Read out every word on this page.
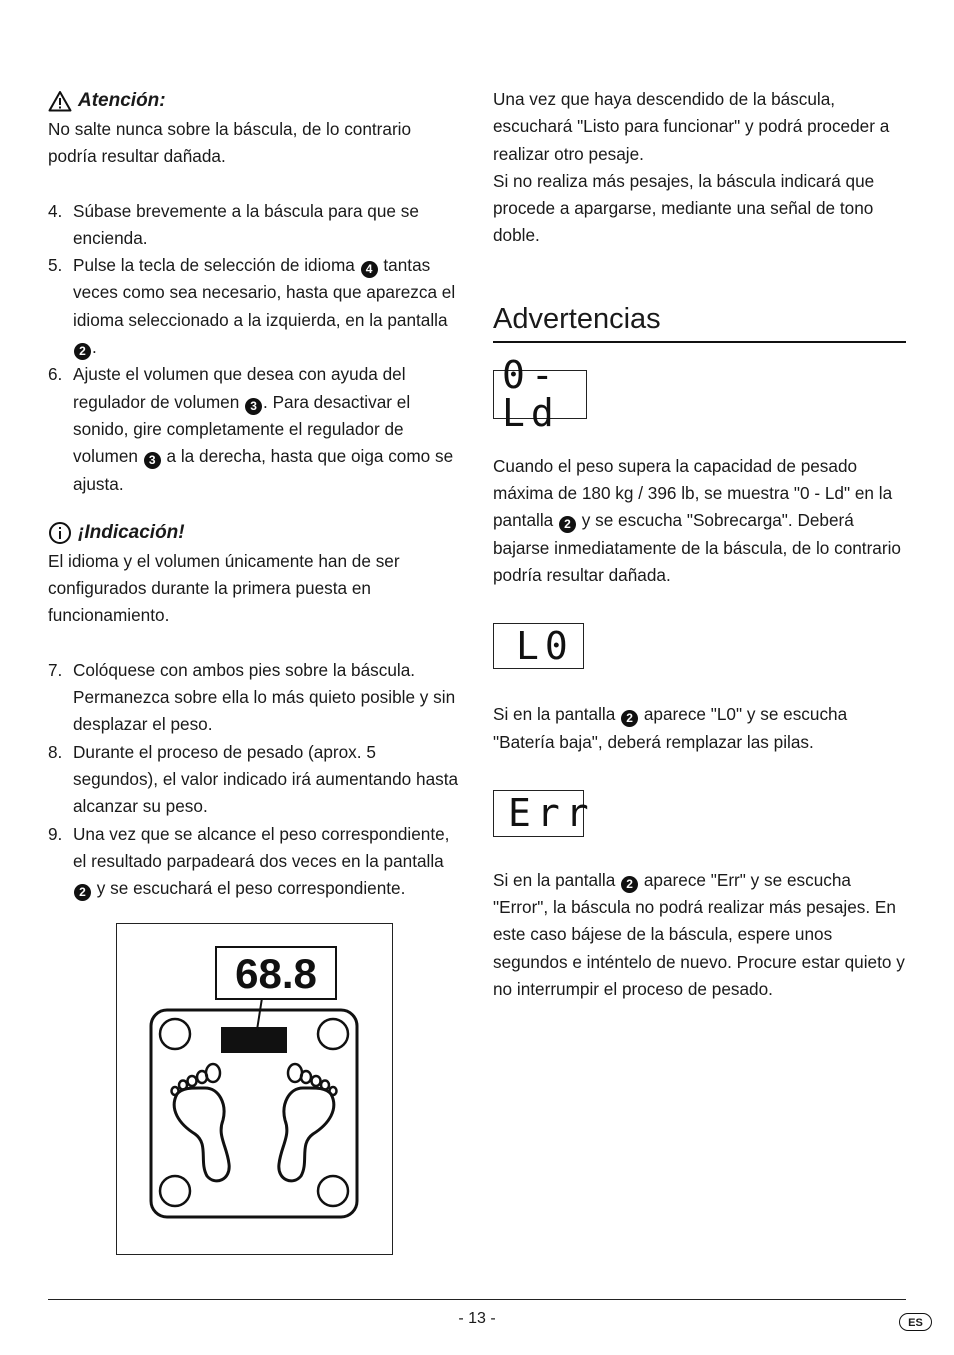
Atención:

No salte nunca sobre la báscula, de lo contrario podría resultar dañada.

4. Súbase brevemente a la báscula para que se encienda.
5. Pulse la tecla de selección de idioma 4 tantas veces como sea necesario, hasta que aparezca el idioma seleccionado a la izquierda, en la pantalla 2 .
6. Ajuste el volumen que desea con ayuda del regulador de volumen 3 . Para desactivar el sonido, gire completamente el regulador de volumen 3 a la derecha, hasta que oiga como se ajusta.

¡Indicación!

El idioma y el volumen únicamente han de ser configurados durante la primera puesta en funcionamiento.

7. Colóquese con ambos pies sobre la báscula. Permanezca sobre ella lo más quieto posible y sin desplazar el peso.
8. Durante el proceso de pesado (aprox. 5 segundos), el valor indicado irá aumentando hasta alcanzar su peso.
9. Una vez que se alcance el peso correspondiente, el resultado parpadeará dos veces en la pantalla 2 y se escuchará el peso correspondiente.
68.8

Una vez que haya descendido de la báscula, escuchará "Listo para funcionar" y podrá proceder a realizar otro pesaje.

Si no realiza más pesajes, la báscula indicará que procede a apargarse, mediante una señal de tono doble.

Advertencias
0-Ld

Cuando el peso supera la capacidad de pesado máxima de 180 kg / 396 lb, se muestra "0 - Ld" en la pantalla 2 y se escucha "Sobrecarga". Deberá bajarse inmediatamente de la báscula, de lo contrario podría resultar dañada.

L0

Si en la pantalla 2 aparece "L0" y se escucha "Batería baja", deberá remplazar las pilas.

Err

Si en la pantalla 2 aparece "Err" y se escucha "Error", la báscula no podrá realizar más pesajes. En este caso bájese de la báscula, espere unos segundos e inténtelo de nuevo. Procure estar quieto y no interrumpir el proceso de pesado.

- 13 -	ES
